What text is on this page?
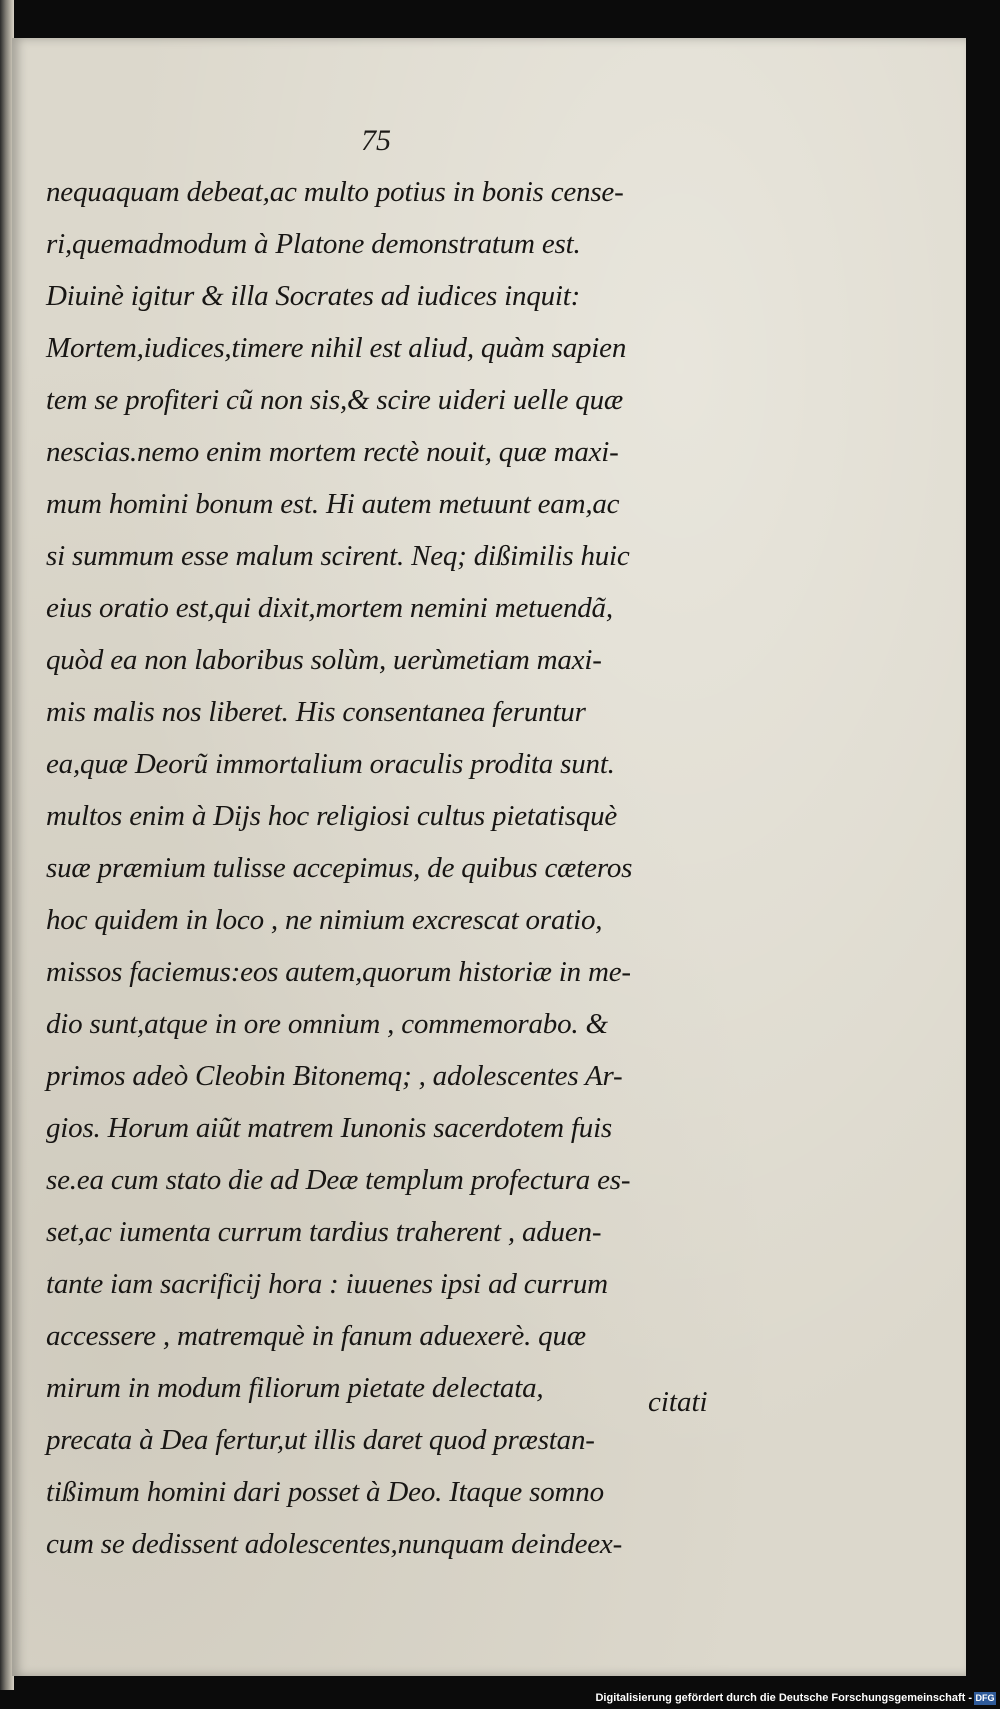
75
nequaquam debeat,ac multo potius in bonis cense-
ri,quemadmodum à Platone demonstratum est.
Diuinè igitur & illa Socrates ad iudices inquit:
Mortem,iudices,timere nihil est aliud, quàm sapien
tem se profiteri cũ non sis,& scire uideri uelle quæ
nescias.nemo enim mortem rectè nouit, quæ maxi-
mum homini bonum est. Hi autem metuunt eam,ac
si summum esse malum scirent. Neq; dißimilis huic
eius oratio est,qui dixit,mortem nemini metuendã,
quòd ea non laboribus solùm, uerùmetiam maxi-
mis malis nos liberet. His consentanea feruntur
ea,quæ Deorũ immortalium oraculis prodita sunt.
multos enim à Dijs hoc religiosi cultus pietatisquè
suæ præmium tulisse accepimus, de quibus cæteros
hoc quidem in loco , ne nimium excrescat oratio,
missos faciemus:eos autem,quorum historiæ in me-
dio sunt,atque in ore omnium , commemorabo. &
primos adeò Cleobin Bitonemq; , adolescentes Ar-
gios. Horum aiũt matrem Iunonis sacerdotem fuis
se.ea cum stato die ad Deæ templum profectura es-
set,ac iumenta currum tardius traherent , aduen-
tante iam sacrificij hora : iuuenes ipsi ad currum
accessere , matremquè in fanum aduexerè. quæ
mirum in modum filiorum pietate delectata,
precata à Dea fertur,ut illis daret quod præstan-
tißimum homini dari posset à Deo. Itaque somno
cum se dedissent adolescentes,nunquam deindeex-
citati
Digitalisierung gefördert durch die Deutsche Forschungsgemeinschaft - DFG
